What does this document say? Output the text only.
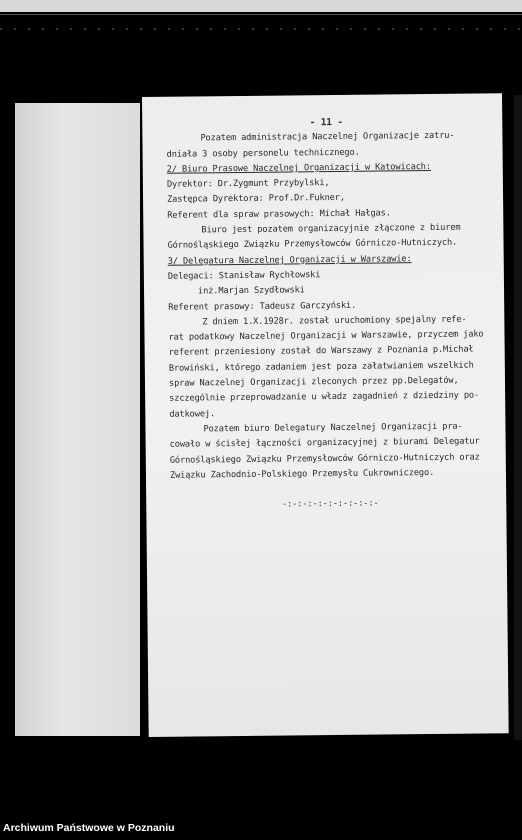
- 11 -
Pozatem administracja Naczelnej Organizacje zatru-
dniała 3 osoby personelu technicznego.
2/ Biuro Prasowe Naczelnej Organizacji w Katowicach:
Dyrektor: Dr.Zygmunt Przybylski,
Zastępca Dyrektora: Prof.Dr.Fukner,
Referent dla spraw prasowych: Michał Hałgas.
Biuro jest pozatem organizacyjnie złączone z biurem
Górnośląskiego Związku Przemysłowców Górniczo-Hutniczych.
3/ Delegatura Naczelnej Organizacji w Warszawie:
Delegaci: Stanisław Rychłowski
inż.Marjan Szydłowski
Referent prasowy: Tadeusz Garczyński.
Z dniem 1.X.1928r. został uruchomiony spejalny refe-
rat podatkowy Naczelnej Organizacji w Warszawie, przyczem jako
referent przeniesiony został do Warszawy z Poznania p.Michał
Browiński, którego zadaniem jest poza załatwianiem wszelkich
spraw Naczelnej Organizacji zleconych przez pp.Delegatów,
szczególnie przeprowadzanie u władz zagadnień z dziedziny po-
datkowej.
Pozatem biuro Delegatury Naczelnej Organizacji pra-
cowało w ścisłej łączności organizacyjnej z biurami Delegatur
Górnośląskiego Związku Przemysłowców Górniczo-Hutniczych oraz
Związku Zachodnio-Polskiego Przemysłu Cukrowniczego.
-:-:-:-:-:-:-:-:-:-
Archiwum Państwowe w Poznaniu
